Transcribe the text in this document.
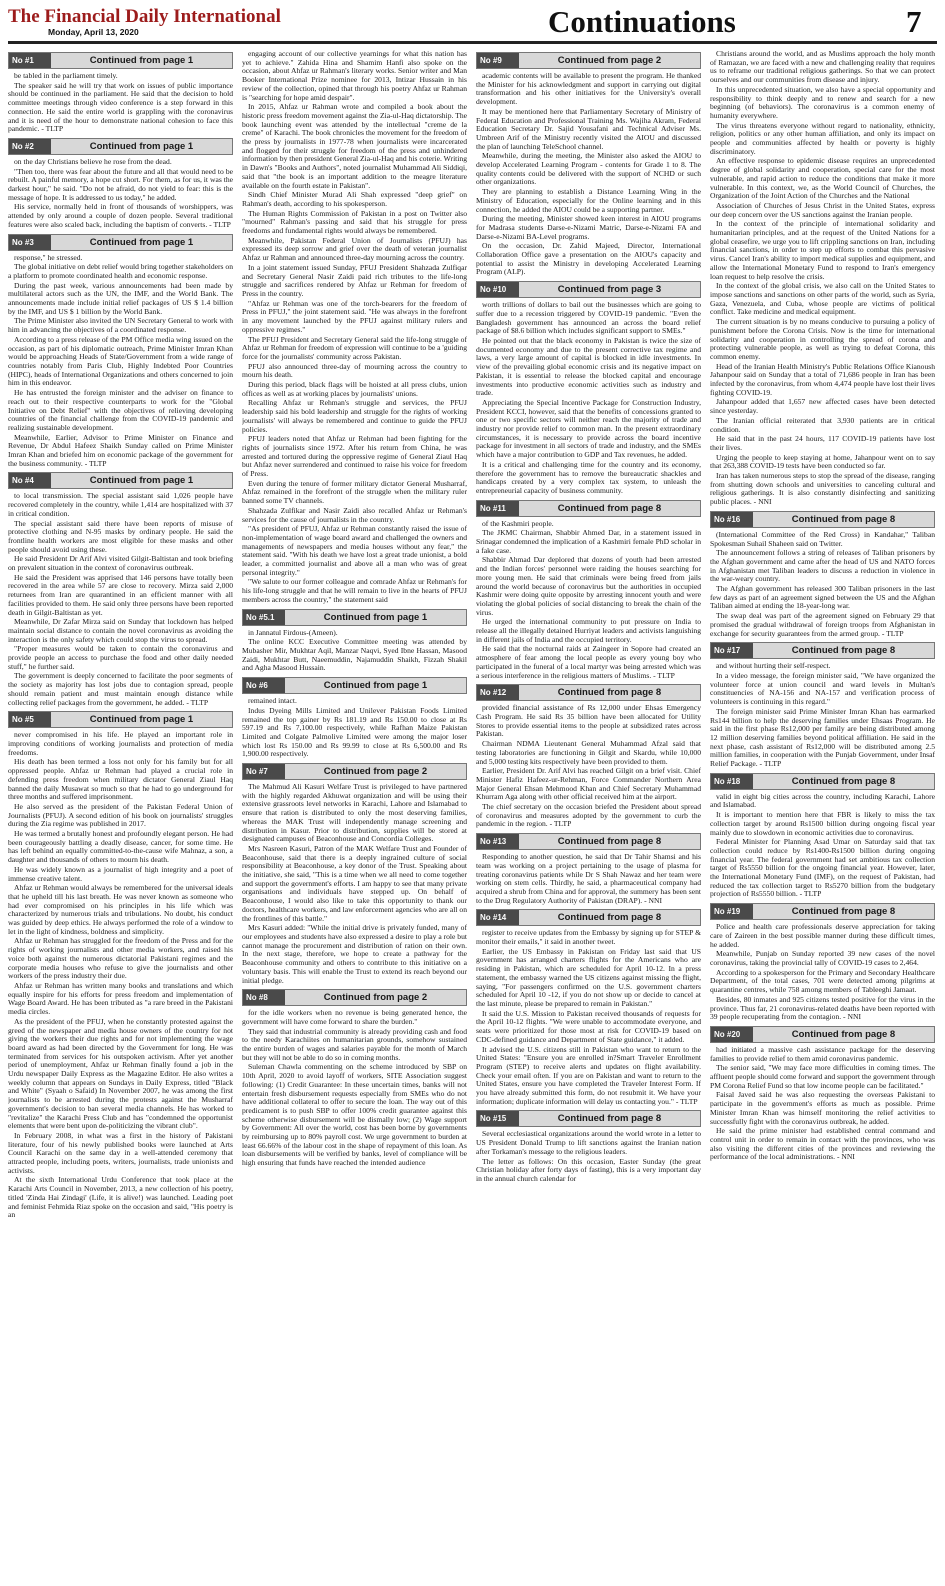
The Financial Daily International
Monday, April 13, 2020	Continuations	7
No #1	Continued from page 1

be tabled in the parliament timely.

The speaker said he will try that work on issues of public importance should be continued in the parliament. He said that the decision to hold committee meetings through video conference is a step forward in this connection. He said the entire world is grappling with the coronavirus and it is need of the hour to demonstrate national cohesion to face this pandemic. - TLTP

No #2	Continued from page 1

on the day Christians believe he rose from the dead.

"Then too, there was fear about the future and all that would need to be rebuilt. A painful memory, a hope cut short. For them, as for us, it was the darkest hour," he said. "Do not be afraid, do not yield to fear: this is the message of hope. It is addressed to us today," he added.

His service, normally held in front of thousands of worshippers, was attended by only around a couple of dozen people. Several traditional features were also scaled back, including the baptism of converts. - TLTP

No #3	Continued from page 1

response," he stressed.

The global initiative on debt relief would bring together stakeholders on a platform to promote coordinated health and economic response.

During the past week, various announcements had been made by multilateral actors such as the UN, the IMF, and the World Bank. The announcements made include initial relief packages of US $ 1.4 billion by the IMF, and US $ 1 billion by the World Bank.

The Prime Minister also invited the UN Secretary General to work with him in advancing the objectives of a coordinated response.

According to a press release of the PM Office media wing issued on the occasion, as part of his diplomatic outreach, Prime Minister Imran Khan would be approaching Heads of State/Government from a wide range of countries notably from Paris Club, Highly Indebted Poor Countries (HIPC), heads of International Organizations and others concerned to join him in this endeavor.

He has entrusted the foreign minister and the adviser on finance to reach out to their respective counterparts to work for the "Global Initiative on Debt Relief" with the objectives of relieving developing countries of the financial challenge from the COVID-19 pandemic and realizing sustainable development.

Meanwhile, Earlier, Advisor to Prime Minister on Finance and Revenue, Dr Abdul Hafeez Shaikh Sunday called on Prime Minister Imran Khan and briefed him on economic package of the government for the business community. - TLTP

No #4	Continued from page 1

to local transmission. The special assistant said 1,026 people have recovered completely in the country, while 1,414 are hospitalized with 37 in critical condition.

The special assistant said there have been reports of misuse of protective clothing and N-95 masks by ordinary people. He said the frontline health workers are most eligible for these masks and other people should avoid using these.

He said President Dr Arif Alvi visited Gilgit-Baltistan and took briefing on prevalent situation in the context of coronavirus outbreak.

He said the President was apprised that 146 persons have totally been recovered in the area while 57 are close to recovery. Mirza said 2,000 returnees from Iran are quarantined in an efficient manner with all facilities provided to them. He said only three persons have been reported death in Gilgit-Baltistan as yet.

Meanwhile, Dr Zafar Mirza said on Sunday that lockdown has helped maintain social distance to contain the novel coronavirus as avoiding the interaction is the only safety which could stop the virus to spread.

"Proper measures would be taken to contain the coronavirus and provide people an access to purchase the food and other daily needed stuff," he further said.

The government is deeply concerned to facilitate the poor segments of the society as majority has lost jobs due to contagion spread, people should remain patient and must maintain enough distance while collecting relief packages from the government, he added. - TLTP

No #5	Continued from page 1

never compromised in his life. He played an important role in improving conditions of working journalists and protection of media freedoms.

His death has been termed a loss not only for his family but for all oppressed people. Ahfaz ur Rehman had played a crucial role in defending press freedom when military dictator General Ziaul Haq banned the daily Musawat so much so that he had to go underground for three months and suffered imprisonment.

He also served as the president of the Pakistan Federal Union of Journalists (PFUJ). A second edition of his book on journalists' struggles during the Zia regime was published in 2017.

He was termed a brutally honest and profoundly elegant person. He had been courageously battling a deadly disease, cancer, for some time. He has left behind an equally committed-to-the-cause wife Mahnaz, a son, a daughter and thousands of others to mourn his death.

He was widely known as a journalist of high integrity and a poet of immense creative talent.

Ahfaz ur Rehman would always be remembered for the universal ideals that he upheld till his last breath. He was never known as someone who had ever compromised on his principles in his life which was characterized by numerous trials and tribulations. No doubt, his conduct was guided by deep ethics. He always performed the role of a window to let in the light of kindness, boldness and simplicity.

Ahfaz ur Rehman has struggled for the freedom of the Press and for the rights of working journalists and other media workers, and raised his voice both against the numerous dictatorial Pakistani regimes and the corporate media houses who refuse to give the journalists and other workers of the press industry their due.

Ahfaz ur Rehman has written many books and translations and which equally inspire for his efforts for press freedom and implementation of Wage Board Award. He has been tributed as "a rare breed in the Pakistani media circles.

As the president of the PFUJ, when he constantly protested against the greed of the newspaper and media house owners of the country for not giving the workers their due rights and for not implementing the wage board award as had been directed by the Government for long. He was terminated from services for his outspoken activism. After yet another period of unemployment, Ahfaz ur Rehman finally found a job in the Urdu newspaper Daily Express as the Magazine Editor. He also writes a weekly column that appears on Sundays in Daily Express, titled "Black and White" (Syaah o Safaid) In November 2007, he was among the first journalists to be arrested during the protests against the Musharraf government's decision to ban several media channels. He has worked to "revitalize" the Karachi Press Club and has "condemned the opportunist elements that were bent upon de-politicizing the vibrant club".

In February 2008, in what was a first in the history of Pakistani literature, four of his newly published books were launched at Arts Council Karachi on the same day in a well-attended ceremony that attracted people, including poets, writers, journalists, trade unionists and activists.

At the sixth International Urdu Conference that took place at the Karachi Arts Council in November, 2013, a new collection of his poetry, titled 'Zinda Hai Zindagi' (Life, it is alive!) was launched. Leading poet and feminist Fehmida Riaz spoke on the occasion and said, "His poetry is an

engaging account of our collective yearnings for what this nation has yet to achieve." Zahida Hina and Shamim Hanfi also spoke on the occasion, about Ahfaz ur Rahman's literary works. Senior writer and Man Booker International Prize nominee for 2013, Intizar Hussain in his review of the collection, opined that through his poetry Ahfaz ur Rahman is "searching for hope amid despair".

In 2015, Ahfaz ur Rahman wrote and compiled a book about the historic press freedom movement against the Zia-ul-Haq dictatorship. The book launching event was attended by the intellectual "creme de la creme" of Karachi. The book chronicles the movement for the freedom of the press by journalists in 1977-78 when journalists were incarcerated and flogged for their struggle for freedom of the press and unhindered information by then president General Zia-ul-Haq and his coterie. Writing in Dawn's "Books and Authors", noted journalist Muhammad Ali Siddiqi, said that "the book is an important addition to the meagre literature available on the fourth estate in Pakistan".

Sindh Chief Minister Murad Ali Shah expressed "deep grief" on Rahman's death, according to his spokesperson.

The Human Rights Commission of Pakistan in a post on Twitter also "mourned" Rahman's passing and said that his struggle for press freedoms and fundamental rights would always be remembered.

Meanwhile, Pakistan Federal Union of Journalists (PFUJ) has expressed its deep sorrow and grief over the death of veteran journalist Ahfaz ur Rahman and announced three-day mourning across the country.

In a joint statement issued Sunday, PFUJ President Shahzada Zulfiqar and Secretary General Nasir Zaidi paid rich tributes to the life-long struggle and sacrifices rendered by Ahfaz ur Rehman for freedom of Press in the country.

"Ahfaz ur Rehman was one of the torch-bearers for the freedom of Press in PFUJ," the joint statement said. "He was always in the forefront in any movement launched by the PFUJ against military rulers and oppressive regimes."

The PFUJ President and Secretary General said the life-long struggle of Ahfaz ur Rehman for freedom of expression will continue to be a 'guiding force for the journalists' community across Pakistan.

PFUJ also announced three-day of mourning across the country to mourn his death.

During this period, black flags will be hoisted at all press clubs, union offices as well as at working places by journalists' unions.

Recalling Ahfaz ur Rehman's struggle and services, the PFUJ leadership said his bold leadership and struggle for the rights of working journalists' will always be remembered and continue to guide the PFUJ policies.

PFUJ leaders noted that Ahfaz ur Rehman had been fighting for the rights of journalists since 1972. After his return from China, he was arrested and tortured during the oppressive regime of General Ziaul Haq but Ahfaz never surrendered and continued to raise his voice for freedom of Press.

Even during the tenure of former military dictator General Musharraf, Ahfaz remained in the forefront of the struggle when the military ruler banned some TV channels.

Shahzada Zulfikar and Nasir Zaidi also recalled Ahfaz ur Rehman's services for the cause of journalists in the country.

"As president of PFUJ, Ahfaz ur Rehman constantly raised the issue of non-implementation of wage board award and challenged the owners and managements of newspapers and media houses without any fear," the statement said. "With his death we have lost a great trade unionist, a bold leader, a committed journalist and above all a man who was of great personal integrity."

"We salute to our former colleague and comrade Ahfaz ur Rehman's for his life-long struggle and that he will remain to live in the hearts of PFUJ members across the country," the statement said

No #5.1	Continued from page 1

in Jannatul Firdous-(Ameen).

The online KCC Executive Committee meeting was attended by Mubasher Mir, Mukhtar Aqil, Manzar Naqvi, Syed Ibne Hassan, Masood Zaidi, Mukhtar Butt, Naeemuddin, Najamuddin Shaikh, Fizzah Shakil and Agha Masood Hussain.

No #6	Continued from page 1

remained intact.

Indus Dyeing Mills Limited and Unilever Pakistan Foods Limited remained the top gainer by Rs 181.19 and Rs 150.00 to close at Rs 597.19 and Rs 7,100.00 respectively, while Rafhan Maize Pakistan Limited and Colgate Palmolive Limited were among the major loser which lost Rs 150.00 and Rs 99.99 to close at Rs 6,500.00 and Rs 1,900.00 respectively.

No #7	Continued from page 2

The Mahmud Ali Kasuri Welfare Trust is privileged to have partnered with the highly regarded Akhuwat organization and will be using their extensive grassroots level networks in Karachi, Lahore and Islamabad to ensure that ration is distributed to only the most deserving families, whereas the MAK Trust will independently manage screening and distribution in Kasur. Prior to distribution, supplies will be stored at designated campuses of Beaconhouse and Concordia Colleges.

Mrs Nasreen Kasuri, Patron of the MAK Welfare Trust and Founder of Beaconhouse, said that there is a deeply ingrained culture of social responsibility at Beaconhouse, a key donor of the Trust. Speaking about the initiative, she said, "This is a time when we all need to come together and support the government's efforts. I am happy to see that many private organisations and individuals have stepped up. On behalf of Beaconhouse, I would also like to take this opportunity to thank our doctors, healthcare workers, and law enforcement agencies who are all on the frontlines of this battle."

Mrs Kasuri added: "While the initial drive is privately funded, many of our employees and students have also expressed a desire to play a role but cannot manage the procurement and distribution of ration on their own. In the next stage, therefore, we hope to create a pathway for the Beaconhouse community and others to contribute to this initiative on a voluntary basis. This will enable the Trust to extend its reach beyond our initial pledge.

No #8	Continued from page 2

for the idle workers when no revenue is being generated hence, the government will have come forward to share the burden."

They said that industrial community is already providing cash and food to the needy Karachiites on humanitarian grounds, somehow sustained the entire burden of wages and salaries payable for the month of March but they will not be able to do so in coming months.

Suleman Chawla commenting on the scheme introduced by SBP on 10th April, 2020 to avoid layoff of workers, SITE Association suggest following: (1) Credit Guarantee: In these uncertain times, banks will not entertain fresh disbursement requests especially from SMEs who do not have additional collateral to offer to secure the loan. The way out of this predicament is to push SBP to offer 100% credit guarantee against this scheme otherwise disbursement will be dismally low; (2) Wage support by Government: All over the world, cost has been borne by governments by reimbursing up to 80% payroll cost. We urge government to burden at least 66.66% of the labour cost in the shape of repayment of this loan. As loan disbursements will be verified by banks, level of compliance will be high ensuring that funds have reached the intended audience

No #9	Continued from page 2

academic contents will be available to present the program. He thanked the Minister for his acknowledgment and support in carrying out digital transformation and his other initiatives for the University's overall development.

It may be mentioned here that Parliamentary Secretary of Ministry of Federal Education and Professional Training Ms. Wajiha Akram, Federal Education Secretary Dr. Sajid Yousafani and Technical Adviser Ms. Umbreen Arif of the Ministry recently visited the AIOU and discussed the plan of launching TeleSchool channel.

Meanwhile, during the meeting, the Minister also asked the AIOU to develop Accelerated Learning Program - contents for Grade 1 to 8. The quality contents could be delivered with the support of NCHD or such other organizations.

They are planning to establish a Distance Learning Wing in the Ministry of Education, especially for the Online learning and in this connection, he added the AIOU could be a supporting partner.

During the meeting, Minister showed keen interest in AIOU programs for Madrasa students Darse-e-Nizami Matric, Darse-e-Nizami FA and Darse-e-Nizami BA-Level programs.

On the occasion, Dr. Zahid Majeed, Director, International Collaboration Office gave a presentation on the AIOU's capacity and potential to assist the Ministry in developing Accelerated Learning Program (ALP).

No #10	Continued from page 3

worth trillions of dollars to bail out the businesses which are going to suffer due to a recession triggered by COVID-19 pandemic. "Even the Bangladesh government has announced an across the board relief package of $8.6 billion which includes significant support to SMEs."

He pointed out that the black economy in Pakistan is twice the size of documented economy and due to the present corrective tax regime and laws, a very large amount of capital is blocked in idle investments. In view of the prevailing global economic crisis and its negative impact on Pakistan, it is essential to release the blocked capital and encourage investments into productive economic activities such as industry and trade.

Appreciating the Special Incentive Package for Construction Industry, President KCCI, however, said that the benefits of concessions granted to one or two specific sectors will neither reach the majority of trade and industry nor provide relief to common man. In the present extraordinary circumstances, it is necessary to provide across the board incentive package for investment in all sectors of trade and industry, and the SMEs which have a major contribution to GDP and Tax revenues, he added.

It is a critical and challenging time for the country and its economy, therefore the government has to remove the bureaucratic shackles and handicaps created by a very complex tax system, to unleash the entrepreneurial capacity of business community.

No #11	Continued from page 8

of the Kashmiri people.

The JKMC Chairman, Shabbir Ahmed Dar, in a statement issued in Srinagar condemned the implication of a Kashmiri female PhD scholar in a fake case.

Shabbir Ahmad Dar deplored that dozens of youth had been arrested and the Indian forces' personnel were raiding the houses searching for more young men. He said that criminals were being freed from jails around the world because of coronavirus but the authorities in occupied Kashmir were doing quite opposite by arresting innocent youth and were violating the global policies of social distancing to break the chain of the virus.

He urged the international community to put pressure on India to release all the illegally detained Hurriyat leaders and activists languishing in different jails of India and the occupied territory.

He said that the nocturnal raids at Zaingeer in Sopore had created an atmosphere of fear among the local people as every young boy who participated in the funeral of a local martyr was being arrested which was a serious interference in the religious matters of Muslims. - TLTP

No #12	Continued from page 8

provided financial assistance of Rs 12,000 under Ehsas Emergency Cash Program. He said Rs 35 billion have been allocated for Utility Stores to provide essential items to the people at subsidized rates across Pakistan.

Chairman NDMA Lieutenant General Muhammad Afzal said that testing laboratories are functioning in Gilgit and Skardu, while 10,000 and 5,000 testing kits respectively have been provided to them.

Earlier, President Dr. Arif Alvi has reached Gilgit on a brief visit. Chief Minister Hafiz Hafeez-ur-Rehman, Force Commander Northern Area Major General Ehsan Mehmood Khan and Chief Secretary Muhammad Khurram Aga along with other official received him at the airport.

The chief secretary on the occasion briefed the President about spread of coronavirus and measures adopted by the government to curb the pandemic in the region. - TLTP

No #13	Continued from page 8

Responding to another question, he said that Dr Tahir Shamsi and his team was working on a project pertaining to the usage of plasma for treating coronavirus patients while Dr S Shah Nawaz and her team were working on stem cells. Thirdly, he said, a pharmaceutical company had acquired a shrub from China and for approval, the summery has been sent to the Drug Regulatory Authority of Pakistan (DRAP). - NNI

No #14	Continued from page 8

register to receive updates from the Embassy by signing up for STEP & monitor their emails," it said in another tweet.

Earlier, the US Embassy in Pakistan on Friday last said that US government has arranged charters flights for the Americans who are residing in Pakistan, which are scheduled for April 10-12. In a press statement, the embassy warned the US citizens against missing the flight, saying, "For passengers confirmed on the U.S. government charters scheduled for April 10 -12, if you do not show up or decide to cancel at the last minute, please be prepared to remain in Pakistan."

It said the U.S. Mission to Pakistan received thousands of requests for the April 10-12 flights. "We were unable to accommodate everyone, and seats were prioritized for those most at risk for COVID-19 based on CDC-defined guidance and Department of State guidance," it added.

It advised the U.S. citizens still in Pakistan who want to return to the United States: "Ensure you are enrolled in?Smart Traveler Enrollment Program (STEP) to receive alerts and updates on flight availability. Check your email often. If you are on Pakistan and want to return to the United States, ensure you have completed the Traveler Interest Form. If you have already submitted this form, do not resubmit it. We have your information; duplicate information will delay us contacting you." - TLTP

No #15	Continued from page 8

Several ecclesiastical organizations around the world wrote in a letter to US President Donald Trump to lift sanctions against the Iranian nation after Torkaman's message to the religious leaders.

The letter as follows: On this occasion, Easter Sunday (the great Christian holiday after forty days of fasting), this is a very important day in the annual church calendar for

Christians around the world, and as Muslims approach the holy month of Ramazan, we are faced with a new and challenging reality that requires us to reframe our traditional religious gatherings. So that we can protect ourselves and our communities from disease and injury.

In this unprecedented situation, we also have a special opportunity and responsibility to think deeply and to renew and search for a new beginning (of behaviors). The coronavirus is a common enemy of humanity everywhere.

The virus threatens everyone without regard to nationality, ethnicity, religion, politics or any other human affiliation, and only its impact on people and communities affected by health or poverty is highly discriminatory.

An effective response to epidemic disease requires an unprecedented degree of global solidarity and cooperation, special care for the most vulnerable, and rapid action to reduce the conditions that make it more vulnerable. In this context, we, as the World Council of Churches, the Organization of the Joint Action of the Churches and the National

Association of Churches of Jesus Christ in the United States, express our deep concern over the US sanctions against the Iranian people.

In the context of the principle of international solidarity and humanitarian principles, and at the request of the United Nations for a global ceasefire, we urge you to lift crippling sanctions on Iran, including financial sanctions, in order to step up efforts to combat this pervasive virus. Cancel Iran's ability to import medical supplies and equipment, and allow the International Monetary Fund to respond to Iran's emergency loan request to help resolve the crisis.

In the context of the global crisis, we also call on the United States to impose sanctions and sanctions on other parts of the world, such as Syria, Gaza, Venezuela, and Cuba, whose people are victims of political conflict. Take medicine and medical equipment.

The current situation is by no means conducive to pursuing a policy of punishment before the Corona Crisis. Now is the time for international solidarity and cooperation in controlling the spread of corona and protecting vulnerable people, as well as trying to defeat Corona, this common enemy.

Head of the Iranian Health Ministry's Public Relations Office Kianoush Jahanpour said on Sunday that a total of 71,686 people in Iran has been infected by the coronavirus, from whom 4,474 people have lost their lives fighting COVID-19.

Jahanpour added that 1,657 new affected cases have been detected since yesterday.

The Iranian official reiterated that 3,930 patients are in critical condition.

He said that in the past 24 hours, 117 COVID-19 patients have lost their lives.

Urging the people to keep staying at home, Jahanpour went on to say that 263,388 COVID-19 tests have been conducted so far.

Iran has taken numerous steps to stop the spread of the disease, ranging from shutting down schools and universities to canceling cultural and religious gatherings. It is also constantly disinfecting and sanitizing public places. - NNI

No #16	Continued from page 8

(International Committee of the Red Cross) in Kandahar," Taliban Spokesman Suhail Shaheen said on Twitter.

The announcement follows a string of releases of Taliban prisoners by the Afghan government and came after the head of US and NATO forces in Afghanistan met Taliban leaders to discuss a reduction in violence in the war-weary country.

The Afghan government has released 300 Taliban prisoners in the last few days as part of an agreement signed between the US and the Afghan Taliban aimed at ending the 18-year-long war.

The swap deal was part of the agreement signed on February 29 that promised the gradual withdrawal of foreign troops from Afghanistan in exchange for security guarantees from the armed group. - TLTP

No #17	Continued from page 8

and without hurting their self-respect.

In a video message, the foreign minister said, "We have organized the volunteer force at union council and ward levels in Multan's constituencies of NA-156 and NA-157 and verification process of volunteers is continuing in this regard."

The foreign minister said Prime Minister Imran Khan has earmarked Rs144 billion to help the deserving families under Ehsaas Program. He said in the first phase Rs12,000 per family are being distributed among 12 million deserving families beyond political affiliation. He said in the next phase, cash assistant of Rs12,000 will be distributed among 2.5 million families, in cooperation with the Punjab Government, under Insaf Relief Package. - TLTP

No #18	Continued from page 8

valid in eight big cities across the country, including Karachi, Lahore and Islamabad.

It is important to mention here that FBR is likely to miss the tax collection target by around Rs1500 billion during ongoing fiscal year mainly due to slowdown in economic activities due to coronavirus.

Federal Minister for Planning Asad Umar on Saturday said that tax collection could reduce by Rs1400-Rs1500 billion during ongoing financial year. The federal government had set ambitious tax collection target of Rs5550 billion for the ongoing financial year. However, later, the International Monetary Fund (IMF), on the request of Pakistan, had reduced the tax collection target to Rs5270 billion from the budgetary projection of Rs5550 billion. - TLTP

No #19	Continued from page 8

Police and health care professionals deserve appreciation for taking care of Zaireen in the best possible manner during these difficult times, he added.

Meanwhile, Punjab on Sunday reported 39 new cases of the novel coronavirus, taking the provincial tally of COVID-19 cases to 2,464.

According to a spokesperson for the Primary and Secondary Healthcare Department, of the total cases, 701 were detected among pilgrims at quarantine centres, while 758 among members of Tableeghi Jamaat.

Besides, 80 inmates and 925 citizens tested positive for the virus in the province. Thus far, 21 coronavirus-related deaths have been reported with 39 people recuperating from the contagion. - NNI

No #20	Continued from page 8

had initiated a massive cash assistance package for the deserving families to provide relief to them amid coronavirus pandemic.

The senior said, "We may face more difficulties in coming times. The affluent people should come forward and support the government through PM Corona Relief Fund so that low income people can be facilitated."

Faisal Javed said he was also requesting the overseas Pakistani to participate in the government's efforts as much as possible. Prime Minister Imran Khan was himself monitoring the relief activities to successfully fight with the coronavirus outbreak, he added.

He said the prime minister had established central command and control unit in order to remain in contact with the provinces, who was also visiting the different cities of the provinces and reviewing the performance of the local administrations. - NNI
